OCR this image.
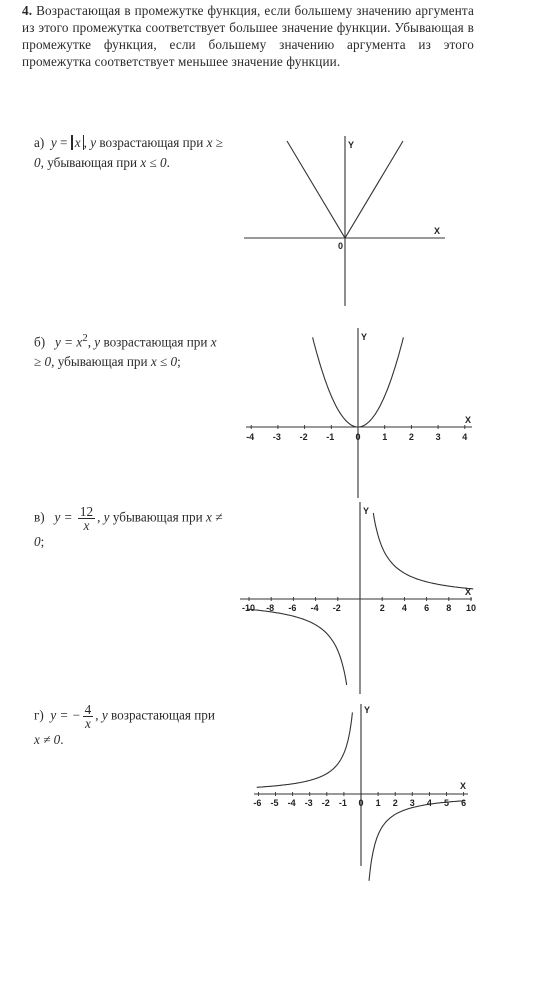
4. Возрастающая в промежутке функция, если большему значению аргумента из этого промежутка соответствует большее значение функции. Убывающая в промежутке функция, если большему значению аргумента из этого промежутка соответствует меньшее значение функции.
а) y = x , y возрастающая при x ≥ 0, убывающая при x ≤ 0.
б) $y = x^2$, y возрастающая при x ≥ 0, убывающая при x ≤ 0;
в) $y = \frac{12}{x}$ , y убывающая при x ≠ 0;
г) y = − $\frac{4}{x}$ , y возрастающая при x ≠ 0.
X
Y
0
-4 -3 -2 -1 0 1 2 3 4
X
Y
-10 -8 -6 -4 -2	2 4 6 8 10
X
Y
-6 -5 -4 -3 -2 -1 0 1 2 3 4 5 6
X
Y
